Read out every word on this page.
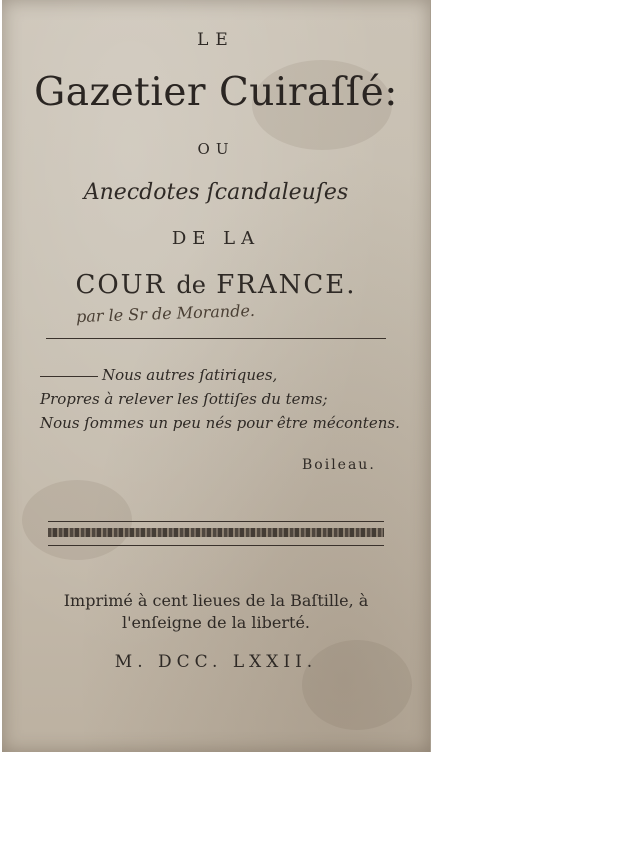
LE
Gazetier Cuiraſſé:
OU
Anecdotes ſcandaleuſes
DE LA
COUR de FRANCE.
par le Sr de Morande.
Nous autres ſatiriques,
Propres à relever les ſottiſes du tems;
Nous ſommes un peu nés pour être mécontens.
Boileau.
Imprimé à cent lieues de la Baſtille, à
l'enſeigne de la liberté.
M. DCC. LXXII.
